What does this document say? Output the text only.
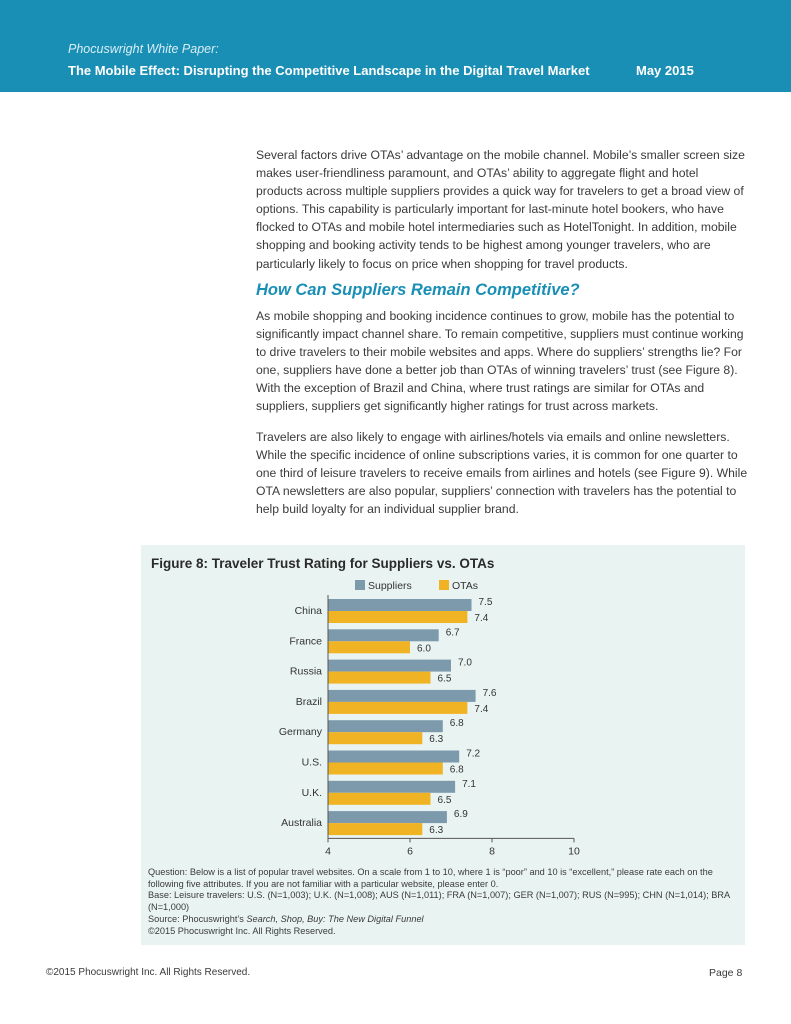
Phocuswright White Paper:
The Mobile Effect: Disrupting the Competitive Landscape in the Digital Travel Market	May 2015

Several factors drive OTAs’ advantage on the mobile channel. Mobile’s smaller screen size makes user-friendliness paramount, and OTAs’ ability to aggregate flight and hotel products across multiple suppliers provides a quick way for travelers to get a broad view of options. This capability is particularly important for last-minute hotel bookers, who have flocked to OTAs and mobile hotel intermediaries such as HotelTonight. In addition, mobile shopping and booking activity tends to be highest among younger travelers, who are particularly likely to focus on price when shopping for travel products.

How Can Suppliers Remain Competitive?

As mobile shopping and booking incidence continues to grow, mobile has the potential to significantly impact channel share. To remain competitive, suppliers must continue working to drive travelers to their mobile websites and apps. Where do suppliers’ strengths lie? For one, suppliers have done a better job than OTAs of winning travelers’ trust (see Figure 8). With the exception of Brazil and China, where trust ratings are similar for OTAs and suppliers, suppliers get significantly higher ratings for trust across markets.

Travelers are also likely to engage with airlines/hotels via emails and online newsletters. While the specific incidence of online subscriptions varies, it is common for one quarter to one third of leisure travelers to receive emails from airlines and hotels (see Figure 9). While OTA newsletters are also popular, suppliers’ connection with travelers has the potential to help build loyalty for an individual supplier brand.

Figure 8: Traveler Trust Rating for Suppliers vs. OTAs
Suppliers	OTAs
7.5
7.4
China
6.7
6.0
France
7.0
6.5
Russia
7.6
7.4
Brazil
6.8
6.3
Germany
7.2
6.8
U.S.
7.1
6.5
U.K.
6.9
6.3
Australia
4	6	8	10
Question: Below is a list of popular travel websites. On a scale from 1 to 10, where 1 is “poor” and 10 is “excellent,” please rate each on the following five attributes. If you are not familiar with a particular website, please enter 0.
Base: Leisure travelers: U.S. (N=1,003); U.K. (N=1,008); AUS (N=1,011); FRA (N=1,007); GER (N=1,007); RUS (N=995); CHN (N=1,014); BRA (N=1,000)
Source: Phocuswright’s Search, Shop, Buy: The New Digital Funnel
©2015 Phocuswright Inc. All Rights Reserved.
©2015 Phocuswright Inc. All Rights Reserved.	Page 8
